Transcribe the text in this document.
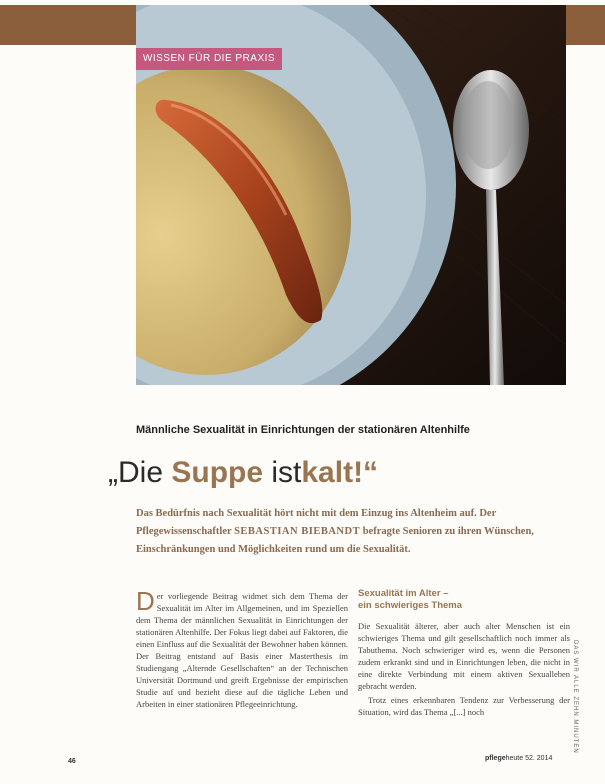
WISSEN FÜR DIE PRAXIS
Männliche Sexualität in Einrichtungen der stationären Altenhilfe
„Die Suppe istkalt!“
Das Bedürfnis nach Sexualität hört nicht mit dem Einzug ins Altenheim auf. Der Pflegewissenschaftler SEBASTIAN BIEBANDT befragte Senioren zu ihren Wünschen, Einschränkungen und Möglichkeiten rund um die Sexualität.
Der vorliegende Beitrag widmet sich dem Thema der Sexualität im Alter im Allgemeinen, und im Speziellen dem Thema der männlichen Sexualität in Einrichtungen der stationären Altenhilfe. Der Fokus liegt dabei auf Faktoren, die einen Einfluss auf die Sexualität der Bewohner haben können. Der Beitrag entstand auf Basis einer Masterthesis im Studiengang „Alternde Gesellschaften“ an der Technischen Universität Dortmund und greift Ergebnisse der empirischen Studie auf und bezieht diese auf die tägliche Leben und Arbeiten in einer stationären Pflegeeinrichtung.
Sexualität im Alter –
ein schwieriges Thema

Die Sexualität älterer, aber auch alter Menschen ist ein schwieriges Thema und gilt gesellschaftlich noch immer als Tabuthema. Noch schwieriger wird es, wenn die Personen zudem erkrankt sind und in Einrichtungen leben, die nicht in eine direkte Verbindung mit einem aktiven Sexualleben gebracht werden.

Trotz eines erkennbaren Tendenz zur Verbesserung der Situation, wird das Thema „[...] noch	DAS WIR ALLE ZEHN MINUTEN
46	pflegeheute 52. 2014
